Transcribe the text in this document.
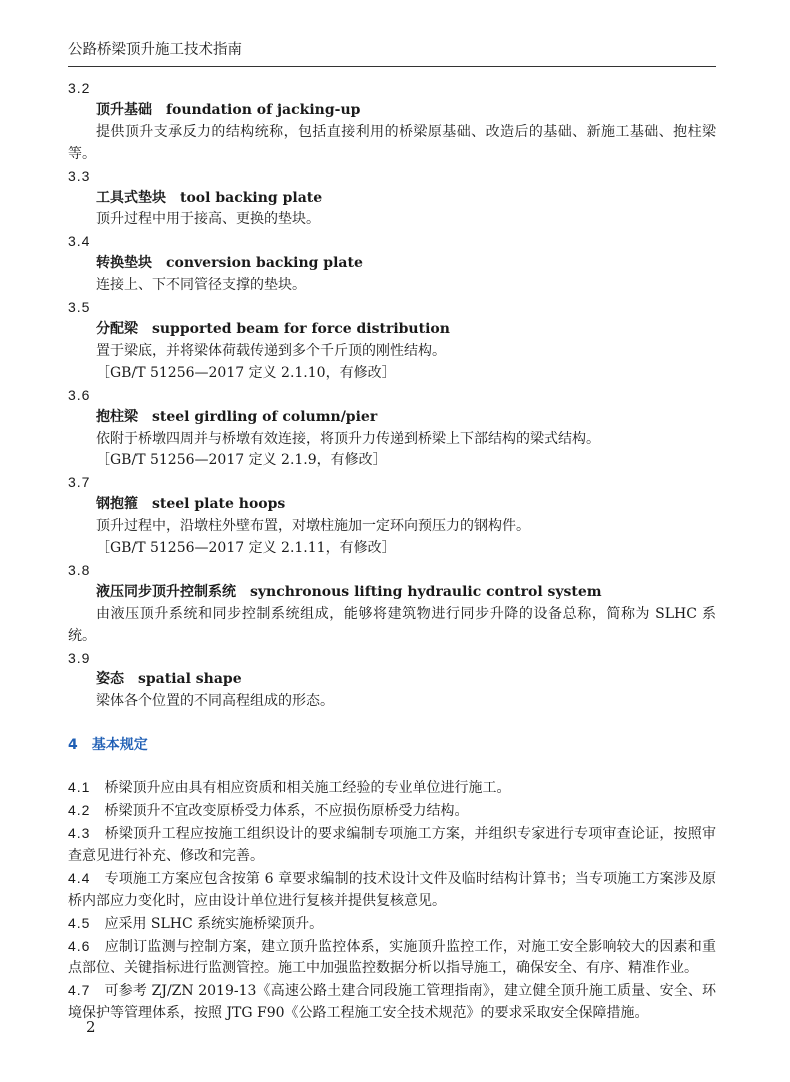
公路桥梁顶升施工技术指南
3.2
顶升基础 foundation of jacking-up
提供顶升支承反力的结构统称，包括直接利用的桥梁原基础、改造后的基础、新施工基础、抱柱梁等。
3.3
工具式垫块 tool backing plate
顶升过程中用于接高、更换的垫块。
3.4
转换垫块 conversion backing plate
连接上、下不同管径支撑的垫块。
3.5
分配梁 supported beam for force distribution
置于梁底，并将梁体荷载传递到多个千斤顶的刚性结构。
［GB/T 51256—2017 定义 2.1.10，有修改］
3.6
抱柱梁 steel girdling of column/pier
依附于桥墩四周并与桥墩有效连接，将顶升力传递到桥梁上下部结构的梁式结构。
［GB/T 51256—2017 定义 2.1.9，有修改］
3.7
钢抱箍 steel plate hoops
顶升过程中，沿墩柱外壁布置，对墩柱施加一定环向预压力的钢构件。
［GB/T 51256—2017 定义 2.1.11，有修改］
3.8
液压同步顶升控制系统 synchronous lifting hydraulic control system
由液压顶升系统和同步控制系统组成，能够将建筑物进行同步升降的设备总称，简称为 SLHC 系统。
3.9
姿态 spatial shape
梁体各个位置的不同高程组成的形态。
4 基本规定
4.1 桥梁顶升应由具有相应资质和相关施工经验的专业单位进行施工。
4.2 桥梁顶升不宜改变原桥受力体系，不应损伤原桥受力结构。
4.3 桥梁顶升工程应按施工组织设计的要求编制专项施工方案，并组织专家进行专项审查论证，按照审查意见进行补充、修改和完善。
4.4 专项施工方案应包含按第 6 章要求编制的技术设计文件及临时结构计算书；当专项施工方案涉及原桥内部应力变化时，应由设计单位进行复核并提供复核意见。
4.5 应采用 SLHC 系统实施桥梁顶升。
4.6 应制订监测与控制方案，建立顶升监控体系，实施顶升监控工作，对施工安全影响较大的因素和重点部位、关键指标进行监测管控。施工中加强监控数据分析以指导施工，确保安全、有序、精准作业。
4.7 可参考 ZJ/ZN 2019-13《高速公路土建合同段施工管理指南》，建立健全顶升施工质量、安全、环境保护等管理体系，按照 JTG F90《公路工程施工安全技术规范》的要求采取安全保障措施。
2
